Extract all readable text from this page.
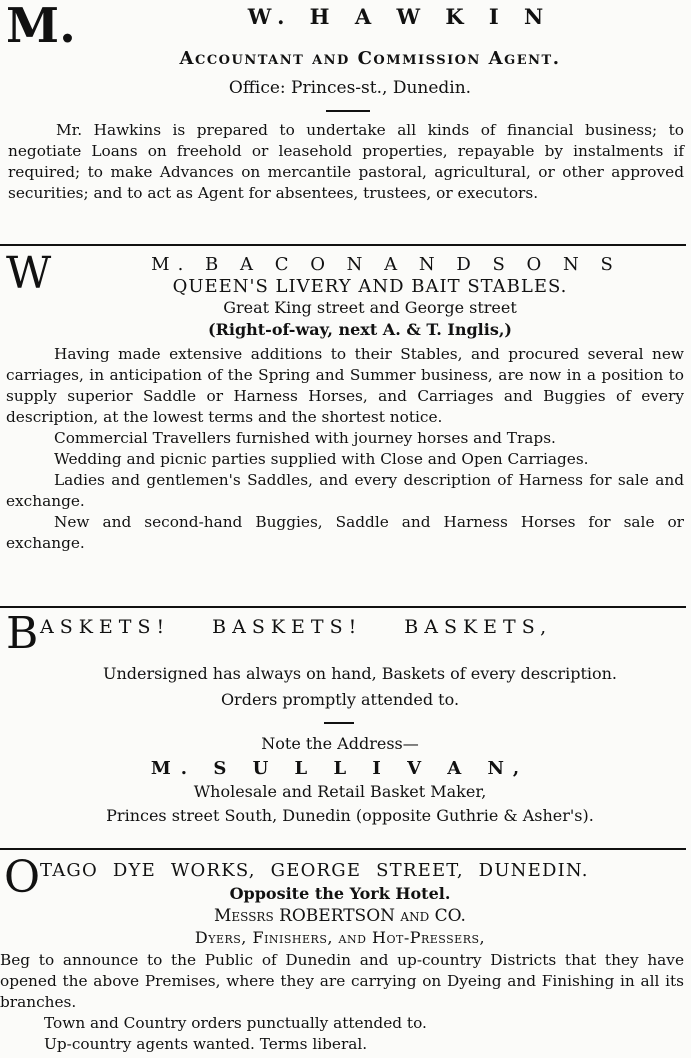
M.	W. H A W K I N
Accountant and Commission Agent.
Office: Princes-st., Dunedin.
Mr. Hawkins is prepared to undertake all kinds of financial business; to negotiate Loans on freehold or leasehold properties, repayable by instalments if required; to make Advances on mercantile pastoral, agricultural, or other approved securities; and to act as Agent for absentees, trustees, or executors.
W	M. B A C O N A N D S O N S
QUEEN'S LIVERY AND BAIT STABLES.
Great King street and George street
(Right-of-way, next A. & T. Inglis,)

Having made extensive additions to their Stables, and procured several new carriages, in anticipation of the Spring and Summer business, are now in a position to supply superior Saddle or Harness Horses, and Carriages and Buggies of every description, at the lowest terms and the shortest notice.

Commercial Travellers furnished with journey horses and Traps.

Wedding and picnic parties supplied with Close and Open Carriages.

Ladies and gentlemen's Saddles, and every description of Harness for sale and exchange.

New and second-hand Buggies, Saddle and Harness Horses for sale or exchange.

B ASKETS! BASKETS! BASKETS,
Undersigned has always on hand, Baskets of every description.
Orders promptly attended to.
Note the Address—
M. S U L L I V A N,
Wholesale and Retail Basket Maker,
Princes street South, Dunedin (opposite Guthrie & Asher's).
O TAGO DYE WORKS, GEORGE STREET, DUNEDIN.
Opposite the York Hotel.
Messrs ROBERTSON and CO.
Dyers, Finishers, and Hot-Pressers,

Beg to announce to the Public of Dunedin and up-country Districts that they have opened the above Premises, where they are carrying on Dyeing and Finishing in all its branches.

Town and Country orders punctually attended to.

Up-country agents wanted. Terms liberal.
